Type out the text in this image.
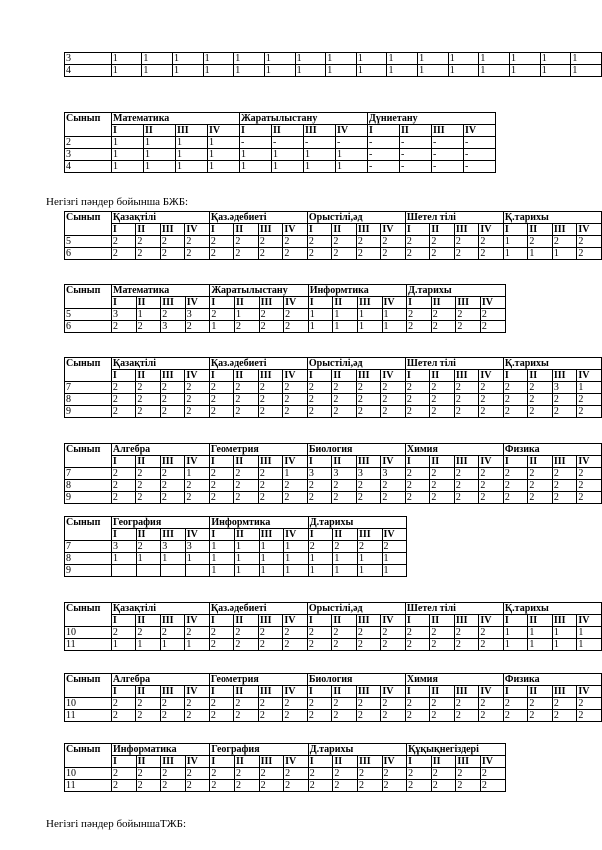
3	1	1	1	1	1	1	1	1	1	1	1	1	1	1	1	1
4	1	1	1	1	1	1	1	1	1	1	1	1	1	1	1	1
Сынып	Математика				Жаратылыстану				Дүниетану			
	I	II	III	IV	I	II	III	IV	I	II	III	IV
2	1	1	1	1	-	-	-	-	-	-	-	-
3	1	1	1	1	1	1	1	1	-	-	-	-
4	1	1	1	1	1	1	1	1	-	-	-	-
Сынып	Қазақтілі				Қаз.әдебиеті				Орыстілі,әд				Шетел тілі				Қ.тарихы			
	I	II	III	IV	I	II	III	IV	I	II	III	IV	I	II	III	IV	I	II	III	IV
5	2	2	2	2	2	2	2	2	2	2	2	2	2	2	2	2	1	2	2	2
6	2	2	2	2	2	2	2	2	2	2	2	2	2	2	2	2	1	1	1	2
Сынып	Математика				Жаратылыстану				Информтика				Д.тарихы			
	I	II	III	IV	I	II	III	IV	I	II	III	IV	I	II	III	IV
5	3	1	2	3	2	1	2	2	1	1	1	1	2	2	2	2
6	2	2	3	2	1	2	2	2	1	1	1	1	2	2	2	2
Сынып	Қазақтілі				Қаз.әдебиеті				Орыстілі,әд				Шетел тілі				Қ.тарихы			
	I	II	III	IV	I	II	III	IV	I	II	III	IV	I	II	III	IV	I	II	III	IV
7	2	2	2	2	2	2	2	2	2	2	2	2	2	2	2	2	2	2	3	1
8	2	2	2	2	2	2	2	2	2	2	2	2	2	2	2	2	2	2	2	2
9	2	2	2	2	2	2	2	2	2	2	2	2	2	2	2	2	2	2	2	2
Сынып	Алгебра				Геометрия				Биология				Химия				Физика			
	I	II	III	IV	I	II	III	IV	I	II	III	IV	I	II	III	IV	I	II	III	IV
7	2	2	2	1	2	2	2	1	3	3	3	3	2	2	2	2	2	2	2	2
8	2	2	2	2	2	2	2	2	2	2	2	2	2	2	2	2	2	2	2	2
9	2	2	2	2	2	2	2	2	2	2	2	2	2	2	2	2	2	2	2	2
Сынып	География				Информтика				Д.тарихы			
	I	II	III	IV	I	II	III	IV	I	II	III	IV
7	3	2	3	3	1	1	1	1	2	2	2	2
8	1	1	1	1	1	1	1	1	1	1	1	1
9					1	1	1	1	1	1	1	1
Сынып	Қазақтілі				Қаз.әдебиеті				Орыстілі,әд				Шетел тілі				Қ.тарихы			
	I	II	III	IV	I	II	III	IV	I	II	III	IV	I	II	III	IV	I	II	III	IV
10	2	2	2	2	2	2	2	2	2	2	2	2	2	2	2	2	1	1	1	1
11	1	1	1	1	2	2	2	2	2	2	2	2	2	2	2	2	1	1	1	1
Сынып	Алгебра				Геометрия				Биология				Химия				Физика			
	I	II	III	IV	I	II	III	IV	I	II	III	IV	I	II	III	IV	I	II	III	IV
10	2	2	2	2	2	2	2	2	2	2	2	2	2	2	2	2	2	2	2	2
11	2	2	2	2	2	2	2	2	2	2	2	2	2	2	2	2	2	2	2	2
Сынып	Информатика				География				Д.тарихы				Құқықнегіздері			
	I	II	III	IV	I	II	III	IV	I	II	III	IV	I	II	III	IV
10	2	2	2	2	2	2	2	2	2	2	2	2	2	2	2	2
11	2	2	2	2	2	2	2	2	2	2	2	2	2	2	2	2
Негізгі пәндер бойынша БЖБ:
Негізгі пәндер бойыншаТЖБ:
